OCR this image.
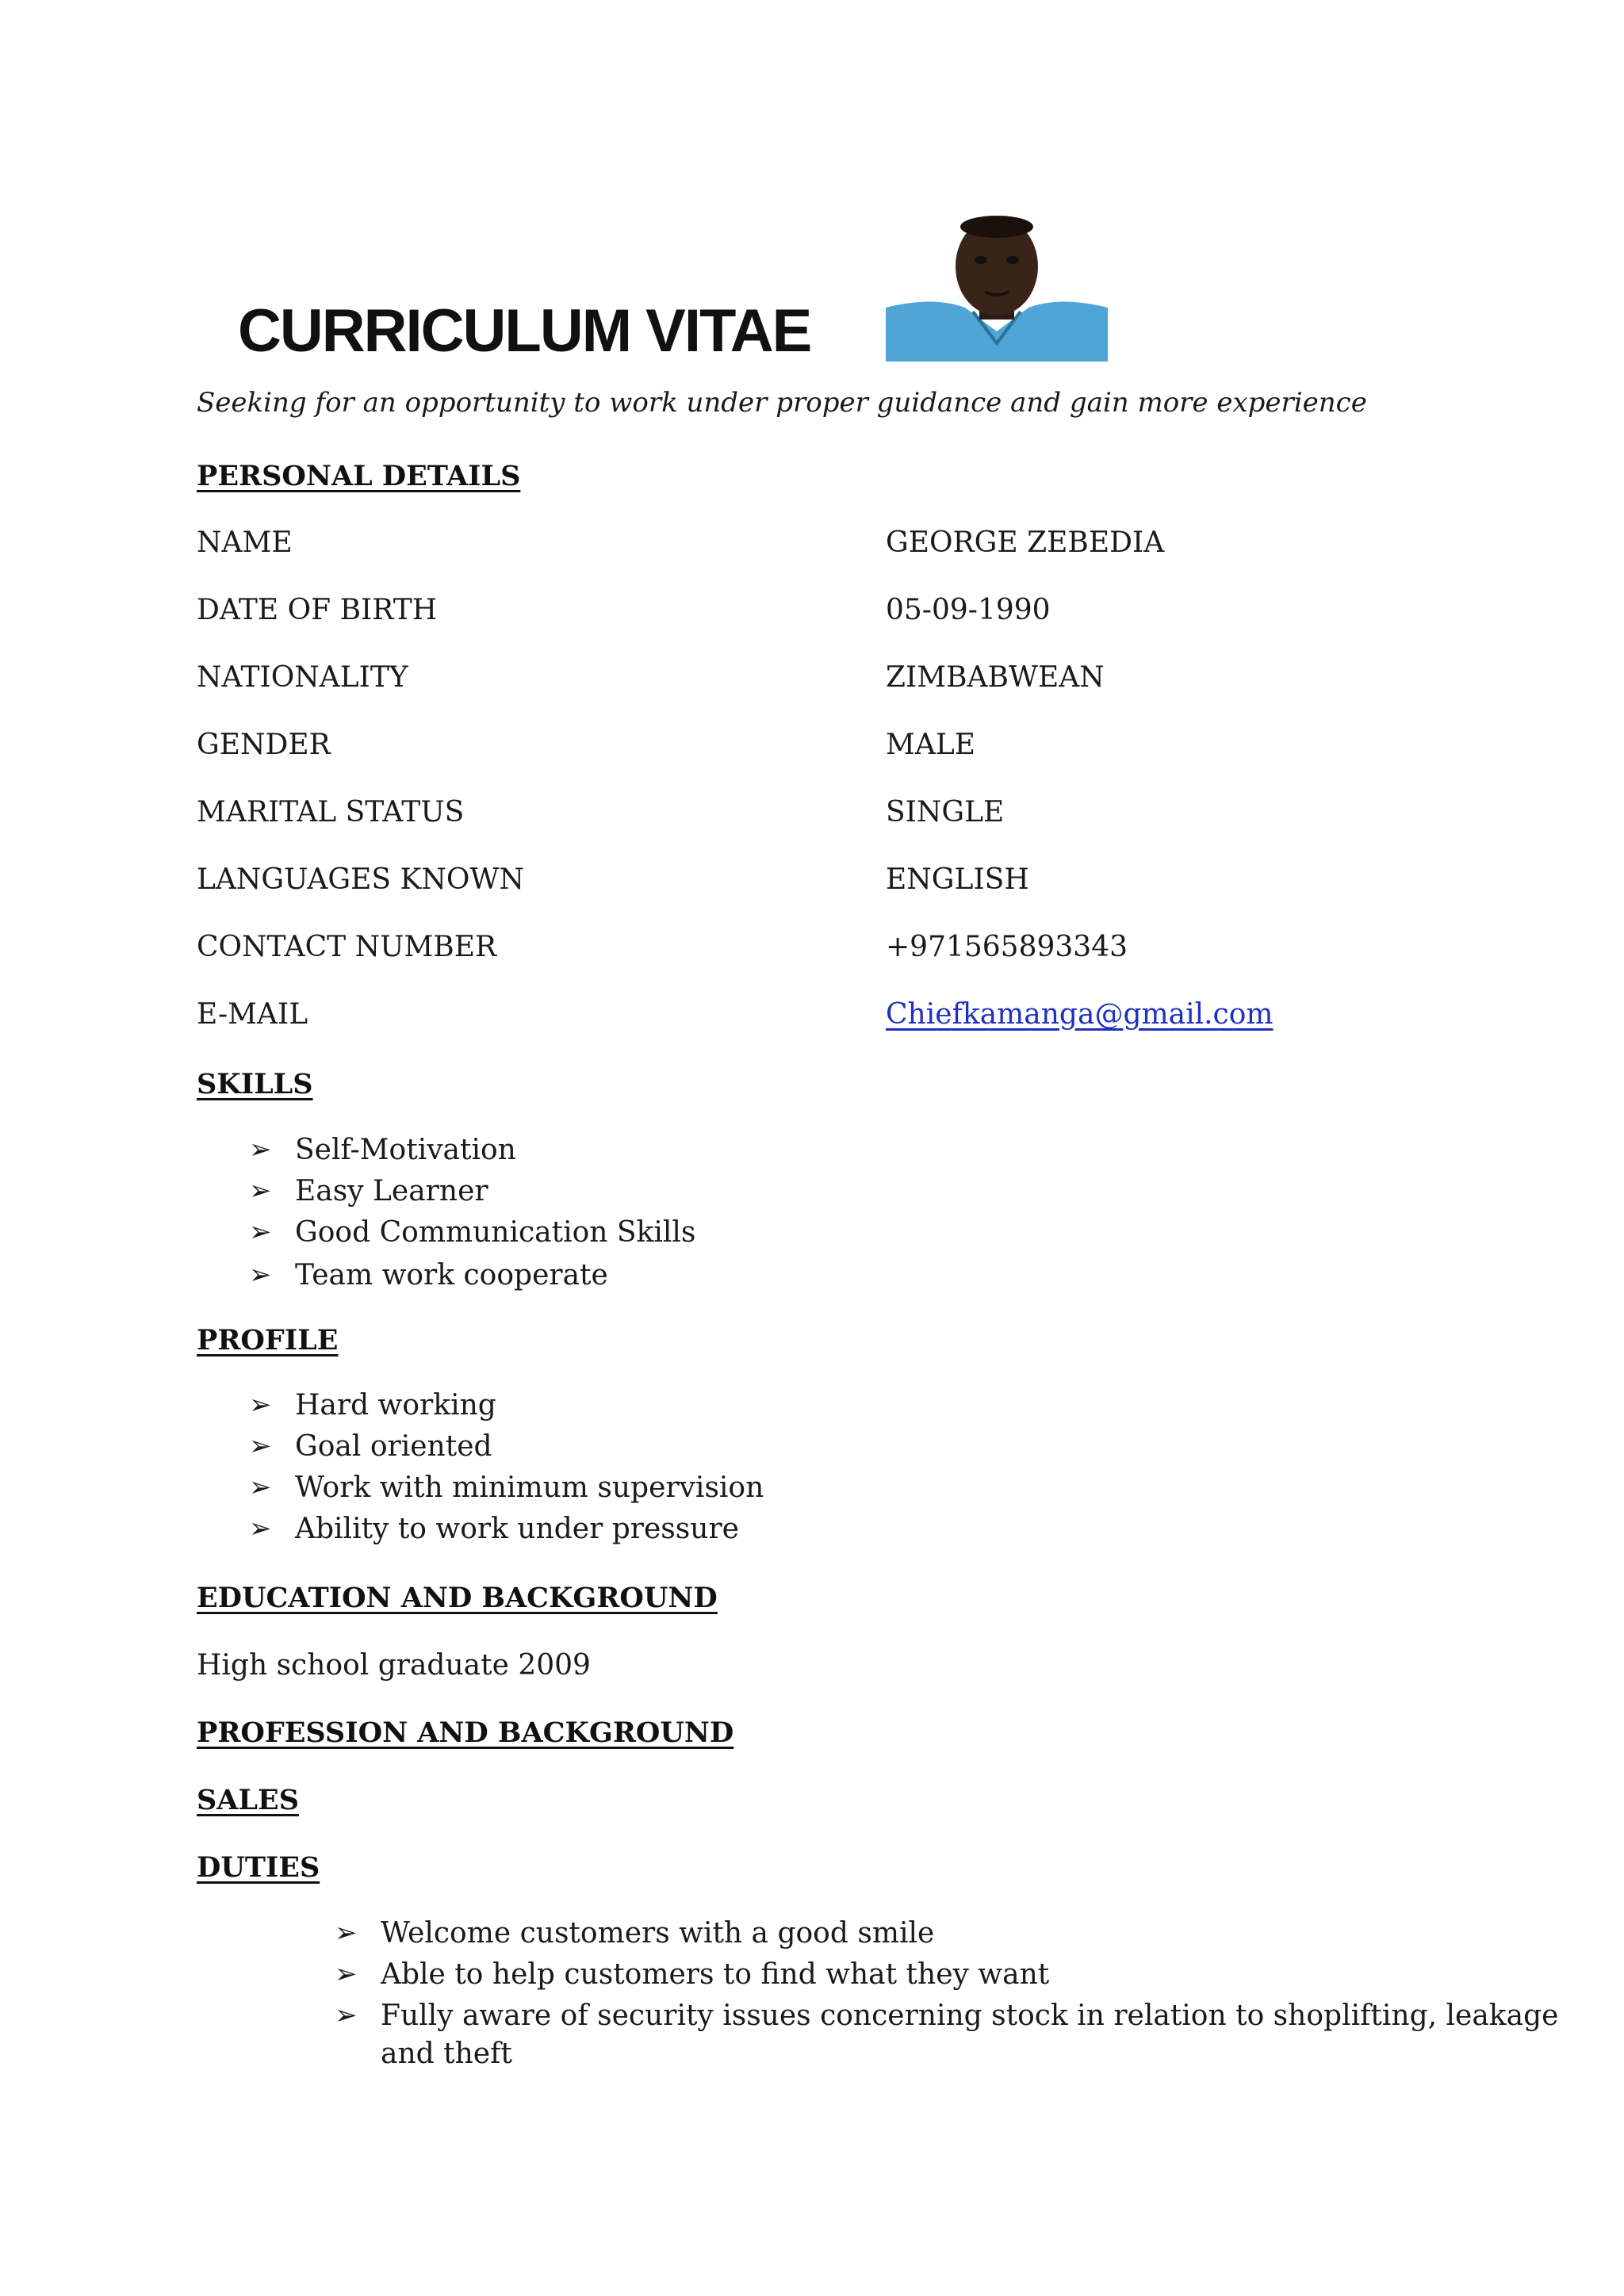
CURRICULUM VITAE
Seeking for an opportunity to work under proper guidance and gain more experience
PERSONAL DETAILS
NAME	GEORGE ZEBEDIA
DATE OF BIRTH	05-09-1990
NATIONALITY	ZIMBABWEAN
GENDER	MALE
MARITAL STATUS	SINGLE
LANGUAGES KNOWN	ENGLISH
CONTACT NUMBER	+971565893343
E-MAIL	Chiefkamanga@gmail.com
SKILLS
➢ Self-Motivation
➢ Easy Learner
➢ Good Communication Skills
➢ Team work cooperate
PROFILE
➢ Hard working
➢ Goal oriented
➢ Work with minimum supervision
➢ Ability to work under pressure
EDUCATION AND BACKGROUND
High school graduate 2009
PROFESSION AND BACKGROUND
SALES
DUTIES
➢ Welcome customers with a good smile
➢ Able to help customers to find what they want
➢ Fully aware of security issues concerning stock in relation to shoplifting, leakage
and theft
